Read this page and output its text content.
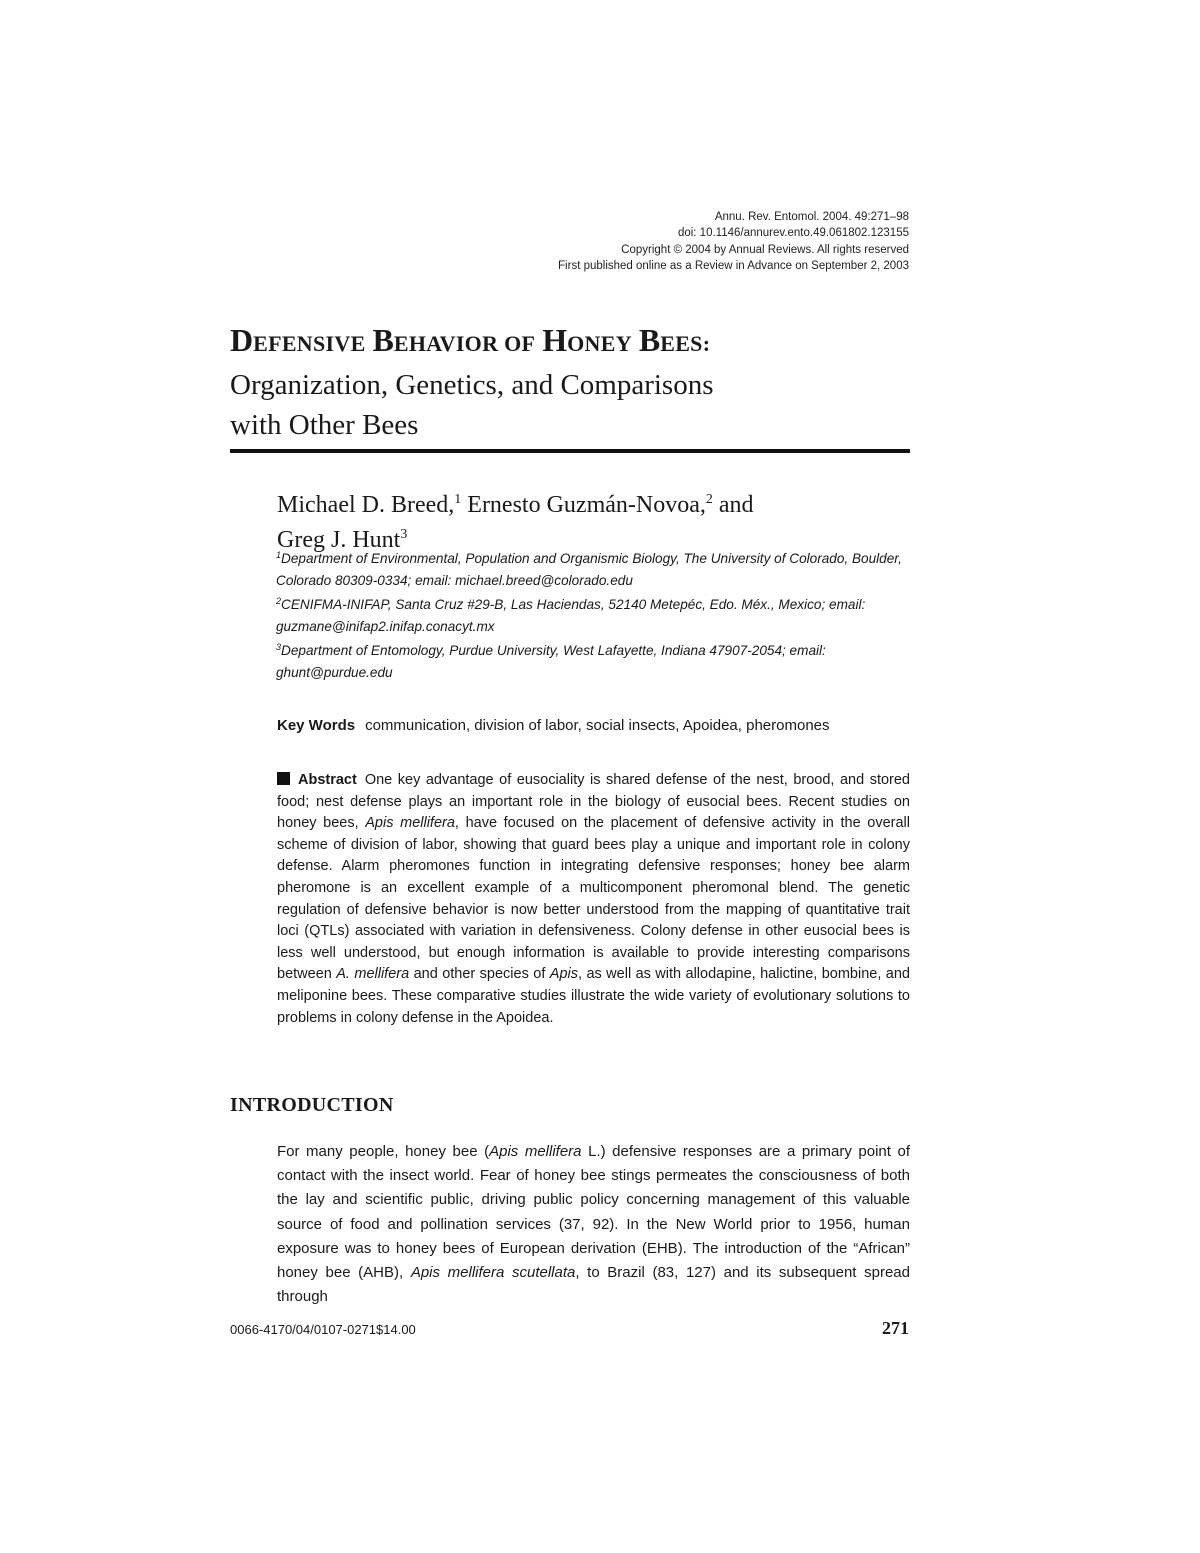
Annu. Rev. Entomol. 2004. 49:271–98
doi: 10.1146/annurev.ento.49.061802.123155
Copyright © 2004 by Annual Reviews. All rights reserved
First published online as a Review in Advance on September 2, 2003
DEFENSIVE BEHAVIOR OF HONEY BEES:
Organization, Genetics, and Comparisons
with Other Bees
Michael D. Breed,$^1$ Ernesto Guzmán-Novoa,$^2$ and
Greg J. Hunt$^3$
$^1$Department of Environmental, Population and Organismic Biology, The University of Colorado, Boulder, Colorado 80309-0334; email: michael.breed@colorado.edu
$^2$CENIFMA-INIFAP, Santa Cruz #29-B, Las Haciendas, 52140 Metepéc, Edo. Méx., Mexico; email: guzmane@inifap2.inifap.conacyt.mx
$^3$Department of Entomology, Purdue University, West Lafayette, Indiana 47907-2054; email: ghunt@purdue.edu
Key Words communication, division of labor, social insects, Apoidea, pheromones
Abstract One key advantage of eusociality is shared defense of the nest, brood, and stored food; nest defense plays an important role in the biology of eusocial bees. Recent studies on honey bees, Apis mellifera, have focused on the placement of defensive activity in the overall scheme of division of labor, showing that guard bees play a unique and important role in colony defense. Alarm pheromones function in integrating defensive responses; honey bee alarm pheromone is an excellent example of a multicomponent pheromonal blend. The genetic regulation of defensive behavior is now better understood from the mapping of quantitative trait loci (QTLs) associated with variation in defensiveness. Colony defense in other eusocial bees is less well understood, but enough information is available to provide interesting comparisons between A. mellifera and other species of Apis, as well as with allodapine, halictine, bombine, and meliponine bees. These comparative studies illustrate the wide variety of evolutionary solutions to problems in colony defense in the Apoidea.
INTRODUCTION
For many people, honey bee (Apis mellifera L.) defensive responses are a primary point of contact with the insect world. Fear of honey bee stings permeates the consciousness of both the lay and scientific public, driving public policy concerning management of this valuable source of food and pollination services (37, 92). In the New World prior to 1956, human exposure was to honey bees of European derivation (EHB). The introduction of the “African” honey bee (AHB), Apis mellifera scutellata, to Brazil (83, 127) and its subsequent spread through
0066-4170/04/0107-0271$14.00	271
